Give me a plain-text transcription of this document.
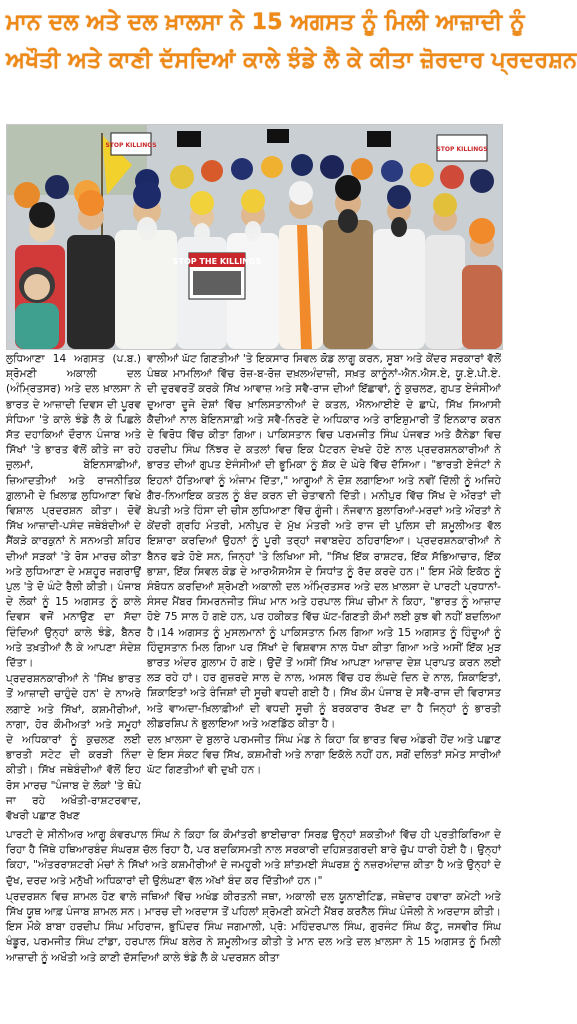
ਮਾਨ ਦਲ ਅਤੇ ਦਲ ਖ਼ਾਲਸਾ ਨੇ 15 ਅਗਸਤ ਨੂੰ ਮਿਲੀ ਆਜ਼ਾਦੀ ਨੂੰ
ਅਖੌਤੀ ਅਤੇ ਕਾਣੀ ਦੱਸਦਿਆਂ ਕਾਲੇ ਝੰਡੇ ਲੈ ਕੇ ਕੀਤਾ ਜ਼ੋਰਦਾਰ ਪ੍ਰਦਰਸ਼ਨ
STOP THE KILLINGS
STOP KILLINGS
STOP KILLINGS

ਲੁਧਿਆਣਾ 14 ਅਗਸਤ (ਪ.ਬ.) ਸ਼੍ਰੋਮਣੀ ਅਕਾਲੀ ਦਲ (ਅੰਮ੍ਰਿਤਸਰ) ਅਤੇ ਦਲ ਖ਼ਾਲਸਾ ਨੇ ਭਾਰਤ ਦੇ ਆਜ਼ਾਦੀ ਦਿਵਸ ਦੀ ਪੂਰਵ ਸੰਧਿਆ 'ਤੇ ਕਾਲੇ ਝੰਡੇ ਲੈ ਕੇ ਪਿਛਲੇ ਸੱਤ ਦਹਾਕਿਆਂ ਦੌਰਾਨ ਪੰਜਾਬ ਅਤੇ ਸਿੱਖਾਂ 'ਤੇ ਭਾਰਤ ਵੱਲੋਂ ਕੀਤੇ ਜਾ ਰਹੇ ਜ਼ੁਲਮਾਂ, ਬੇਇਨਸਾਫ਼ੀਆਂ, ਜ਼ਿਆਦਤੀਆਂ ਅਤੇ ਰਾਜਨੀਤਿਕ ਗ਼ੁਲਾਮੀ ਦੇ ਖ਼ਿਲਾਫ਼ ਲੁਧਿਆਣਾ ਵਿਖੇ ਵਿਸ਼ਾਲ ਪ੍ਰਦਰਸ਼ਨ ਕੀਤਾ। ਦੋਵੇਂ ਸਿੱਖ ਆਜ਼ਾਦੀ-ਪਸੰਦ ਜਥੇਬੰਦੀਆਂ ਦੇ ਸੈਂਕੜੇ ਕਾਰਕੁਨਾਂ ਨੇ ਸਨਅਤੀ ਸ਼ਹਿਰ ਦੀਆਂ ਸੜਕਾਂ 'ਤੇ ਰੋਸ ਮਾਰਚ ਕੀਤਾ ਅਤੇ ਲੁਧਿਆਣਾ ਦੇ ਮਸ਼ਹੂਰ ਜਗਰਾਉਂ ਪੁਲ 'ਤੇ ਦੋ ਘੰਟੇ ਰੈਲੀ ਕੀਤੀ। ਪੰਜਾਬ ਦੇ ਲੋਕਾਂ ਨੂੰ 15 ਅਗਸਤ ਨੂੰ ਕਾਲੇ ਦਿਵਸ ਵਜੋਂ ਮਨਾਉਣ ਦਾ ਸੱਦਾ ਦਿੰਦਿਆਂ ਉਨ੍ਹਾਂ ਕਾਲੇ ਝੰਡੇ, ਬੈਨਰ ਅਤੇ ਤਖ਼ਤੀਆਂ ਲੈ ਕੇ ਆਪਣਾ ਸੰਦੇਸ਼ ਦਿੱਤਾ।

ਪ੍ਰਦਰਸ਼ਨਕਾਰੀਆਂ ਨੇ 'ਸਿੱਖ ਭਾਰਤ ਤੋਂ ਆਜ਼ਾਦੀ ਚਾਹੁੰਦੇ ਹਨ' ਦੇ ਨਾਅਰੇ ਲਗਾਏ ਅਤੇ ਸਿੱਖਾਂ, ਕਸ਼ਮੀਰੀਆਂ, ਨਾਗਾ, ਹੋਰ ਕੌਮੀਅਤਾਂ ਅਤੇ ਸਮੂਹਾਂ ਦੇ ਅਧਿਕਾਰਾਂ ਨੂੰ ਕੁਚਲਣ ਲਈ ਭਾਰਤੀ ਸਟੇਟ ਦੀ ਕਰੜੀ ਨਿੰਦਾ ਕੀਤੀ। ਸਿੱਖ ਜਥੇਬੰਦੀਆਂ ਵੱਲੋਂ ਇਹ ਰੋਸ ਮਾਰਚ "ਪੰਜਾਬ ਦੇ ਲੋਕਾਂ 'ਤੇ ਥੋਪੇ ਜਾ ਰਹੇ ਅਖੌਤੀ-ਰਾਸ਼ਟਰਵਾਦ, ਵੱਖਰੀ ਪਛਾਣ ਰੱਖਣ

ਵਾਲੀਆਂ ਘੱਟ ਗਿਣਤੀਆਂ 'ਤੇ ਇਕਸਾਰ ਸਿਵਲ ਕੋਡ ਲਾਗੂ ਕਰਨ, ਸੂਬਾ ਅਤੇ ਕੇਂਦਰ ਸਰਕਾਰਾਂ ਵੱਲੋਂ ਪੰਥਕ ਮਾਮਲਿਆਂ ਵਿੱਚ ਰੋਜ਼-ਬ-ਰੋਜ਼ ਦਖ਼ਲਅੰਦਾਜ਼ੀ, ਸਖ਼ਤ ਕਾਨੂੰਨਾਂ-ਐਨ.ਐਸ.ਏ, ਯੂ.ਏ.ਪੀ.ਏ. ਦੀ ਦੁਰਵਰਤੋਂ ਕਰਕੇ ਸਿੱਖ ਆਵਾਜ਼ ਅਤੇ ਸਵੈ-ਰਾਜ ਦੀਆਂ ਇੱਛਾਵਾਂ, ਨੂੰ ਕੁਚਲਣ, ਗੁਪਤ ਏਜੰਸੀਆਂ ਦੁਆਰਾ ਦੂਜੇ ਦੇਸ਼ਾਂ ਵਿੱਚ ਖ਼ਾਲਿਸਤਾਨੀਆਂ ਦੇ ਕਤਲ, ਐਨਆਈਏ ਦੇ ਛਾਪੇ, ਸਿੱਖ ਸਿਆਸੀ ਕੈਦੀਆਂ ਨਾਲ ਬੇਇਨਸਾਫ਼ੀ ਅਤੇ ਸਵੈ-ਨਿਰਣੇ ਦੇ ਅਧਿਕਾਰ ਅਤੇ ਰਾਇਸ਼ੁਮਾਰੀ ਤੋਂ ਇਨਕਾਰ ਕਰਨ ਦੇ ਵਿਰੋਧ ਵਿੱਚ ਕੀਤਾ ਗਿਆ। ਪਾਕਿਸਤਾਨ ਵਿਚ ਪਰਮਜੀਤ ਸਿੰਘ ਪੰਜਵੜ ਅਤੇ ਕੈਨੇਡਾ ਵਿਚ ਹਰਦੀਪ ਸਿੰਘ ਨਿੱਝਰ ਦੇ ਕਤਲਾਂ ਵਿਚ ਇਕ ਪੈਟਰਨ ਦੇਖਦੇ ਹੋਏ ਨਾਲ ਪ੍ਰਦਰਸ਼ਨਕਾਰੀਆਂ ਨੇ ਭਾਰਤ ਦੀਆਂ ਗੁਪਤ ਏਜੰਸੀਆਂ ਦੀ ਭੂਮਿਕਾ ਨੂੰ ਸ਼ੱਕ ਦੇ ਘੇਰੇ ਵਿੱਚ ਦੱਸਿਆ। "ਭਾਰਤੀ ਏਜੰਟਾਂ ਨੇ ਇਹਨਾਂ ਹੱਤਿਆਵਾਂ ਨੂੰ ਅੰਜਾਮ ਦਿੱਤਾ," ਆਗੂਆਂ ਨੇ ਦੋਸ਼ ਲਗਾਇਆ ਅਤੇ ਨਵੀਂ ਦਿੱਲੀ ਨੂੰ ਅਜਿਹੇ ਗੈਰ-ਨਿਆਇਕ ਕਤਲ ਨੂੰ ਬੰਦ ਕਰਨ ਦੀ ਚੇਤਾਵਨੀ ਦਿੱਤੀ। ਮਨੀਪੁਰ ਵਿੱਚ ਸਿੱਖ ਦੇ ਔਰਤਾਂ ਦੀ ਬੇਪਤੀ ਅਤੇ ਹਿੰਸਾ ਦੀ ਚੀਸ ਲੁਧਿਆਣਾ ਵਿੱਚ ਗੂੰਜੀ। ਨੌਜਵਾਨ ਬੁਲਾਰਿਆਂ-ਮਰਦਾਂ ਅਤੇ ਔਰਤਾਂ ਨੇ ਕੇਂਦਰੀ ਗ੍ਰਹਿ ਮੰਤਰੀ, ਮਨੀਪੁਰ ਦੇ ਮੁੱਖ ਮੰਤਰੀ ਅਤੇ ਰਾਜ ਦੀ ਪੁਲਿਸ ਦੀ ਸ਼ਮੂਲੀਅਤ ਵੱਲ ਇਸ਼ਾਰਾ ਕਰਦਿਆਂ ਉਹਨਾਂ ਨੂੰ ਪੂਰੀ ਤਰ੍ਹਾਂ ਜਵਾਬਦੇਹ ਠਹਿਰਾਇਆ। ਪ੍ਰਦਰਸ਼ਨਕਾਰੀਆਂ ਨੇ ਬੈਨਰ ਫੜੇ ਹੋਏ ਸਨ, ਜਿਨ੍ਹਾਂ 'ਤੇ ਲਿਖਿਆ ਸੀ, "ਸਿੱਖ ਇੱਕ ਰਾਸ਼ਟਰ, ਇੱਕ ਸੱਭਿਆਚਾਰ, ਇੱਕ ਭਾਸ਼ਾ, ਇੱਕ ਸਿਵਲ ਕੋਡ ਦੇ ਆਰਐਸਐਸ ਦੇ ਸਿਧਾਂਤ ਨੂੰ ਰੱਦ ਕਰਦੇ ਹਨ।" ਇਸ ਮੌਕੇ ਇਕੱਠ ਨੂੰ ਸੰਬੋਧਨ ਕਰਦਿਆਂ ਸ਼੍ਰੋਮਣੀ ਅਕਾਲੀ ਦਲ ਅੰਮ੍ਰਿਤਸਰ ਅਤੇ ਦਲ ਖ਼ਾਲਸਾ ਦੇ ਪਾਰਟੀ ਪ੍ਰਧਾਨਾਂ-ਸੰਸਦ ਮੈਂਬਰ ਸਿਮਰਨਜੀਤ ਸਿੰਘ ਮਾਨ ਅਤੇ ਹਰਪਾਲ ਸਿੰਘ ਚੀਮਾ ਨੇ ਕਿਹਾ, "ਭਾਰਤ ਨੂੰ ਆਜ਼ਾਦ ਹੋਏ 75 ਸਾਲ ਹੋ ਗਏ ਹਨ, ਪਰ ਹਕੀਕਤ ਵਿੱਚ ਘੱਟ-ਗਿਣਤੀ ਕੌਮਾਂ ਲਈ ਕੁਝ ਵੀ ਨਹੀਂ ਬਦਲਿਆ ਹੈ।14 ਅਗਸਤ ਨੂੰ ਮੁਸਲਮਾਨਾਂ ਨੂੰ ਪਾਕਿਸਤਾਨ ਮਿਲ ਗਿਆ ਅਤੇ 15 ਅਗਸਤ ਨੂੰ ਹਿੰਦੂਆਂ ਨੂੰ ਹਿੰਦੁਸਤਾਨ ਮਿਲ ਗਿਆ ਪਰ ਸਿੱਖਾਂ ਦੇ ਵਿਸ਼ਵਾਸ ਨਾਲ ਧੋਖਾ ਕੀਤਾ ਗਿਆ ਅਤੇ ਅਸੀਂ ਇੱਕ ਮੁੜ ਭਾਰਤ ਅੰਦਰ ਗ਼ੁਲਾਮ ਹੋ ਗਏ। ਉਦੋਂ ਤੋਂ ਅਸੀਂ ਸਿੱਖ ਆਪਣਾ ਆਜ਼ਾਦ ਦੇਸ਼ ਪ੍ਰਾਪਤ ਕਰਨ ਲਈ ਲੜ ਰਹੇ ਹਾਂ। ਹਰ ਗੁਜ਼ਰਦੇ ਸਾਲ ਦੇ ਨਾਲ, ਅਸਲ ਵਿੱਚ ਹਰ ਲੰਘਦੇ ਦਿਨ ਦੇ ਨਾਲ, ਸ਼ਿਕਾਇਤਾਂ, ਸ਼ਿਕਾਇਤਾਂ ਅਤੇ ਰੰਜਿਸ਼ਾਂ ਦੀ ਸੂਚੀ ਵਧਦੀ ਗਈ ਹੈ। ਸਿੱਖ ਕੌਮ ਪੰਜਾਬ ਦੇ ਸਵੈ-ਰਾਜ ਦੀ ਵਿਰਾਸਤ ਅਤੇ ਵਾਅਦਾ-ਖ਼ਿਲਾਫ਼ੀਆਂ ਦੀ ਵਧਦੀ ਸੂਚੀ ਨੂੰ ਬਰਕਰਾਰ ਰੱਖਣ ਦਾ ਹੈ ਜਿਨ੍ਹਾਂ ਨੂੰ ਭਾਰਤੀ ਲੀਡਰਸ਼ਿਪ ਨੇ ਭੁਲਾਇਆ ਅਤੇ ਅਣਡਿੱਠ ਕੀਤਾ ਹੈ।

ਦਲ ਖ਼ਾਲਸਾ ਦੇ ਬੁਲਾਰੇ ਪਰਮਜੀਤ ਸਿੰਘ ਮੰਡ ਨੇ ਕਿਹਾ ਕਿ ਭਾਰਤ ਵਿਚ ਅੰਡਰੀ ਹੋਂਦ ਅਤੇ ਪਛਾਣ ਦੇ ਇਸ ਸੰਕਟ ਵਿਚ ਸਿੱਖ, ਕਸ਼ਮੀਰੀ ਅਤੇ ਨਾਗਾ ਇਕੱਲੇ ਨਹੀਂ ਹਨ, ਸਗੋਂ ਦਲਿਤਾਂ ਸਮੇਤ ਸਾਰੀਆਂ ਘੱਟ ਗਿਣਤੀਆਂ ਵੀ ਦੁਖੀ ਹਨ।

ਪਾਰਟੀ ਦੇ ਸੀਨੀਅਰ ਆਗੂ ਕੰਵਰਪਾਲ ਸਿੰਘ ਨੇ ਕਿਹਾ ਕਿ ਕੌਮਾਂਤਰੀ ਭਾਈਚਾਰਾ ਸਿਰਫ਼ ਉਨ੍ਹਾਂ ਸ਼ਕਤੀਆਂ ਵਿੱਚ ਹੀ ਪ੍ਰਤੀਕਿਰਿਆ ਦੇ ਰਿਹਾ ਹੈ ਜਿੱਥੇ ਹਥਿਆਰਬੰਦ ਸੰਘਰਸ਼ ਚੱਲ ਰਿਹਾ ਹੈ, ਪਰ ਬਦਕਿਸਮਤੀ ਨਾਲ ਸਰਕਾਰੀ ਦਹਿਸ਼ਤਗਰਦੀ ਬਾਰੇ ਚੁੱਪ ਧਾਰੀ ਹੋਈ ਹੈ। ਉਨ੍ਹਾਂ ਕਿਹਾ, "ਅੰਤਰਰਾਸ਼ਟਰੀ ਮੰਚਾਂ ਨੇ ਸਿੱਖਾਂ ਅਤੇ ਕਸ਼ਮੀਰੀਆਂ ਦੇ ਜਮਹੂਰੀ ਅਤੇ ਸ਼ਾਂਤਮਈ ਸੰਘਰਸ਼ ਨੂੰ ਨਜ਼ਰਅੰਦਾਜ਼ ਕੀਤਾ ਹੈ ਅਤੇ ਉਨ੍ਹਾਂ ਦੇ ਦੁੱਖ, ਦਰਦ ਅਤੇ ਮਨੁੱਖੀ ਅਧਿਕਾਰਾਂ ਦੀ ਉਲੰਘਣਾ ਵੱਲ ਅੱਖਾਂ ਬੰਦ ਕਰ ਦਿੱਤੀਆਂ ਹਨ।"

ਪ੍ਰਦਰਸ਼ਨ ਵਿਚ ਸ਼ਾਮਲ ਹੋਣ ਵਾਲੇ ਜਥਿਆਂ ਵਿੱਚ ਅਖੰਡ ਕੀਰਤਨੀ ਜਥਾ, ਅਕਾਲੀ ਦਲ ਯੂਨਾਈਟਿਡ, ਜਥੇਦਾਰ ਹਵਾਰਾ ਕਮੇਟੀ ਅਤੇ ਸਿੱਖ ਯੂਥ ਆਫ਼ ਪੰਜਾਬ ਸ਼ਾਮਲ ਸਨ। ਮਾਰਚ ਦੀ ਅਰਦਾਸ ਤੋਂ ਪਹਿਲਾਂ ਸ਼੍ਰੋਮਣੀ ਕਮੇਟੀ ਮੈਂਬਰ ਕਰਨੈਲ ਸਿੰਘ ਪੰਜੋਲੀ ਨੇ ਅਰਦਾਸ ਕੀਤੀ। ਇਸ ਮੌਕੇ ਬਾਬਾ ਹਰਦੀਪ ਸਿੰਘ ਮਹਿਰਾਜ, ਭੁਪਿੰਦਰ ਸਿੰਘ ਜਗਮਾਲੀ, ਪ੍ਰੋ: ਮਹਿੰਦਰਪਾਲ ਸਿੰਘ, ਗੁਰਜੰਟ ਸਿੰਘ ਕੱਟੂ, ਜਸਵੀਰ ਸਿੰਘ ਖੰਡੂਰ, ਪਰਮਜੀਤ ਸਿੰਘ ਟਾਂਡਾ, ਹਰਪਾਲ ਸਿੰਘ ਬਲੇਰ ਨੇ ਸ਼ਮੂਲੀਅਤ ਕੀਤੀ ਤੇ ਮਾਨ ਦਲ ਅਤੇ ਦਲ ਖ਼ਾਲਸਾ ਨੇ 15 ਅਗਸਤ ਨੂੰ ਮਿਲੀ ਆਜ਼ਾਦੀ ਨੂੰ ਅਖੌਤੀ ਅਤੇ ਕਾਣੀ ਦੱਸਦਿਆਂ ਕਾਲੇ ਝੰਡੇ ਲੈ ਕੇ ਪਦਰਸ਼ਨ ਕੀਤਾ
